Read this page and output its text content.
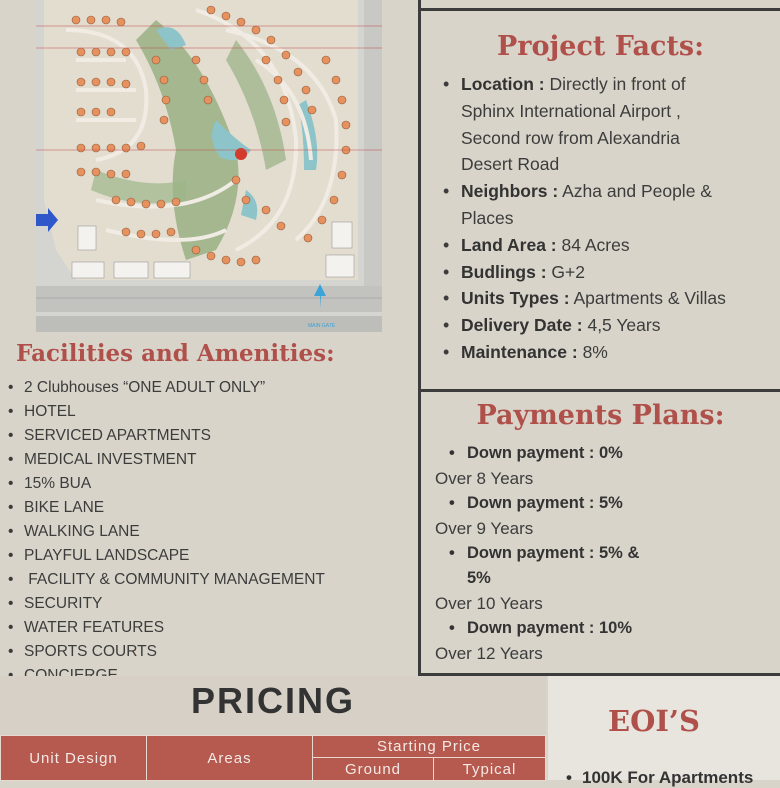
MAIN GATE
Project Facts:
• Location : Directly in front of
Sphinx International Airport ,
Second row from Alexandria
Desert Road
• Neighbors : Azha and People &
Places
• Land Area : 84 Acres
• Budlings : G+2
• Units Types : Apartments & Villas
• Delivery Date : 4,5 Years
• Maintenance : 8%
Payments Plans:
• Down payment : 0%
Over 8 Years
• Down payment : 5%
Over 9 Years
• Down payment : 5% &
5%
Over 10 Years
• Down payment : 10%
Over 12 Years
Facilities and Amenities:
• 2 Clubhouses “ONE ADULT ONLY”
• HOTEL
• SERVICED APARTMENTS
• MEDICAL INVESTMENT
• 15% BUA
• BIKE LANE
• WALKING LANE
• PLAYFUL LANDSCAPE
•  FACILITY & COMMUNITY MANAGEMENT
• SECURITY
• WATER FEATURES
• SPORTS COURTS
•
PRICING
Unit Design	Areas	Starting Price	
		Ground	Typical
EOI’S
• 100K For Apartments
